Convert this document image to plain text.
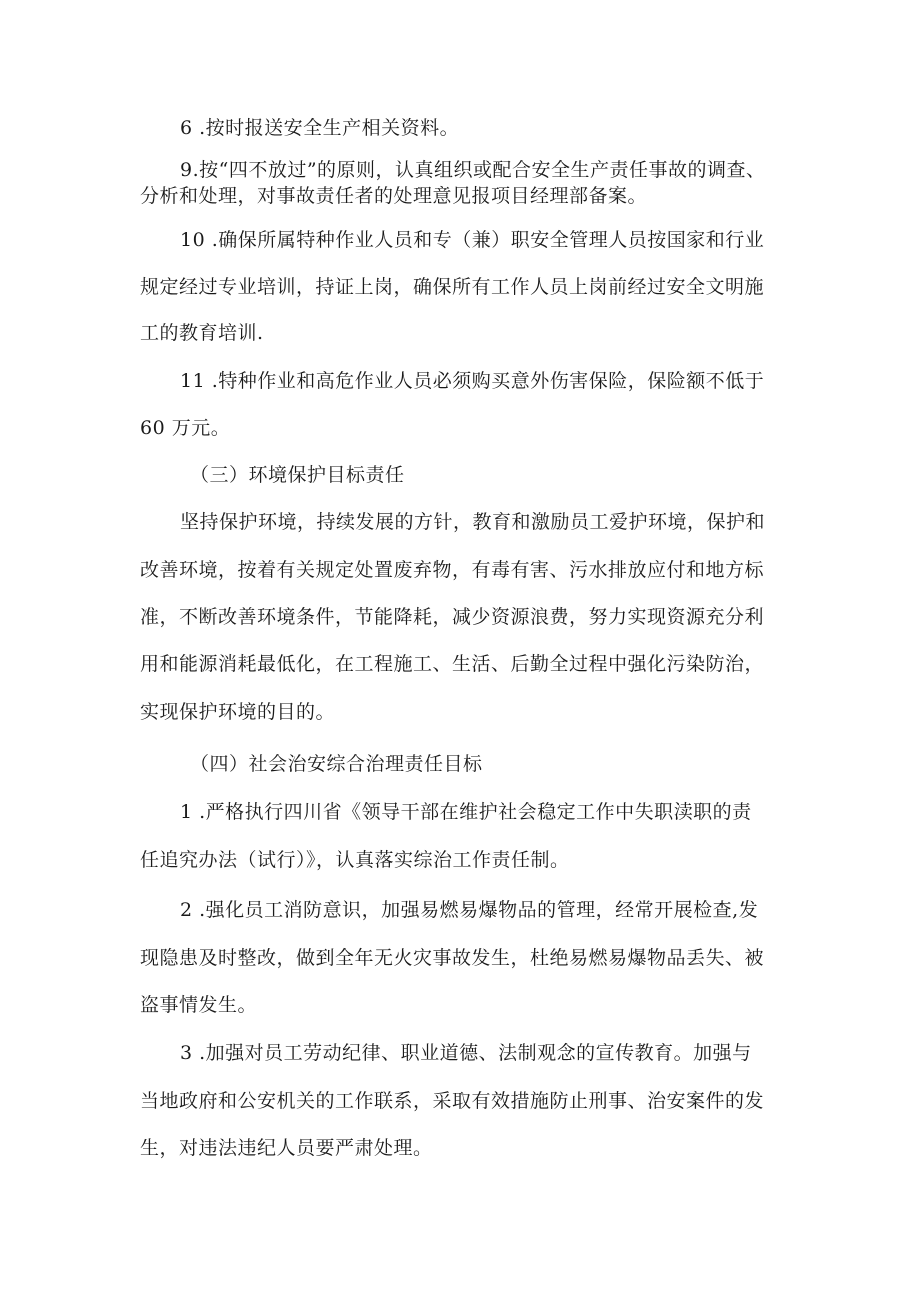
6 .按时报送安全生产相关资料。
9.按“四不放过”的原则，认真组织或配合安全生产责任事故的调查、
分析和处理，对事故责任者的处理意见报项目经理部备案。
10 .确保所属特种作业人员和专（兼）职安全管理人员按国家和行业
规定经过专业培训，持证上岗，确保所有工作人员上岗前经过安全文明施
工的教育培训.
11 .特种作业和高危作业人员必须购买意外伤害保险，保险额不低于
60 万元。
（三）环境保护目标责任
坚持保护环境，持续发展的方针，教育和激励员工爱护环境，保护和
改善环境，按着有关规定处置废弃物，有毒有害、污水排放应付和地方标
准，不断改善环境条件，节能降耗，减少资源浪费，努力实现资源充分利
用和能源消耗最低化，在工程施工、生活、后勤全过程中强化污染防治，
实现保护环境的目的。
（四）社会治安综合治理责任目标
1 .严格执行四川省《领导干部在维护社会稳定工作中失职渎职的责
任追究办法（试行）》，认真落实综治工作责任制。
2 .强化员工消防意识，加强易燃易爆物品的管理，经常开展检查,发
现隐患及时整改，做到全年无火灾事故发生，杜绝易燃易爆物品丢失、被
盗事情发生。
3 .加强对员工劳动纪律、职业道德、法制观念的宣传教育。加强与
当地政府和公安机关的工作联系，采取有效措施防止刑事、治安案件的发
生，对违法违纪人员要严肃处理。
